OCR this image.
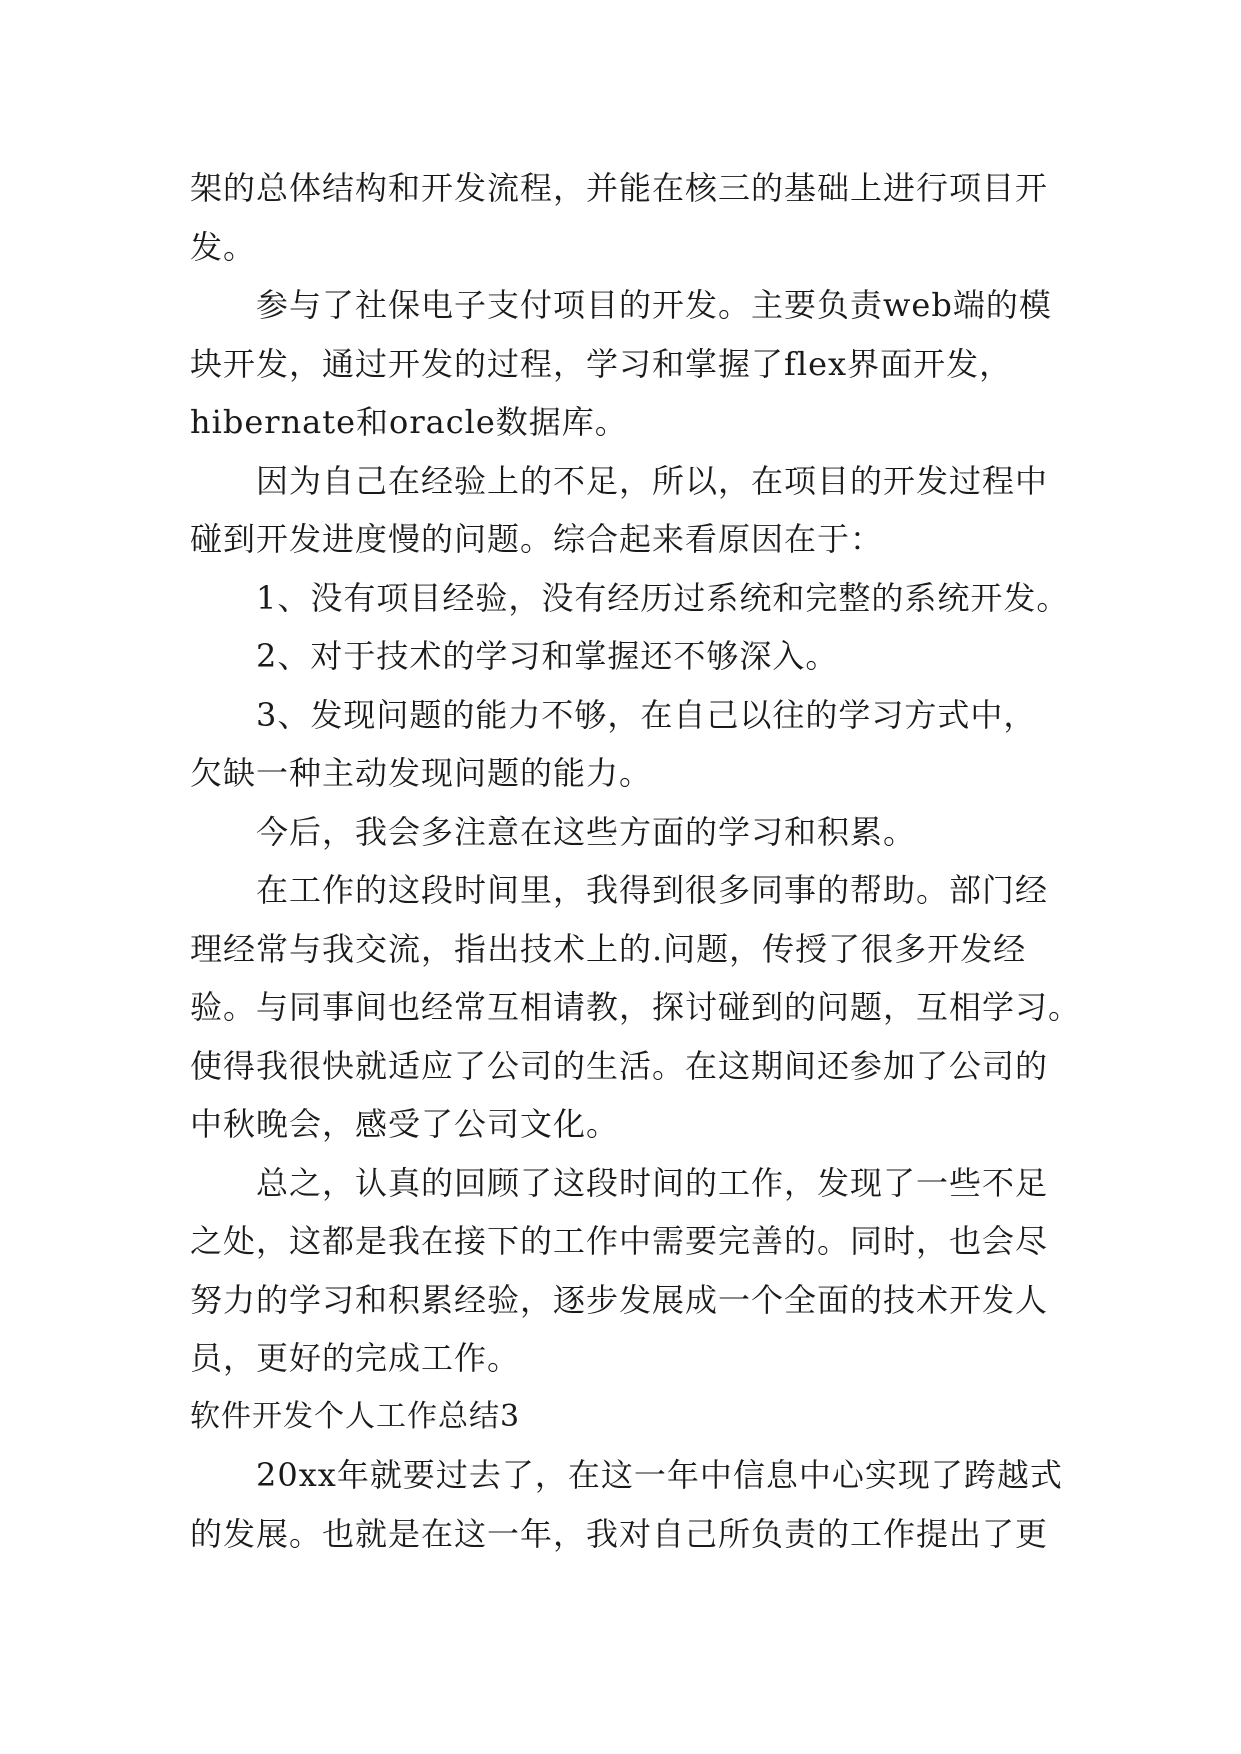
架的总体结构和开发流程，并能在核三的基础上进行项目开
发。

参与了社保电子支付项目的开发。主要负责web端的模
块开发，通过开发的过程，学习和掌握了flex界面开发，
hibernate和oracle数据库。

因为自己在经验上的不足，所以，在项目的开发过程中
碰到开发进度慢的问题。综合起来看原因在于：

1、没有项目经验，没有经历过系统和完整的系统开发。

2、对于技术的学习和掌握还不够深入。

3、发现问题的能力不够，在自己以往的学习方式中，
欠缺一种主动发现问题的能力。

今后，我会多注意在这些方面的学习和积累。

在工作的这段时间里，我得到很多同事的帮助。部门经
理经常与我交流，指出技术上的.问题，传授了很多开发经
验。与同事间也经常互相请教，探讨碰到的问题，互相学习。
使得我很快就适应了公司的生活。在这期间还参加了公司的
中秋晚会，感受了公司文化。

总之，认真的回顾了这段时间的工作，发现了一些不足
之处，这都是我在接下的工作中需要完善的。同时，也会尽
努力的学习和积累经验，逐步发展成一个全面的技术开发人
员，更好的完成工作。

软件开发个人工作总结3

20xx年就要过去了，在这一年中信息中心实现了跨越式
的发展。也就是在这一年，我对自己所负责的工作提出了更
